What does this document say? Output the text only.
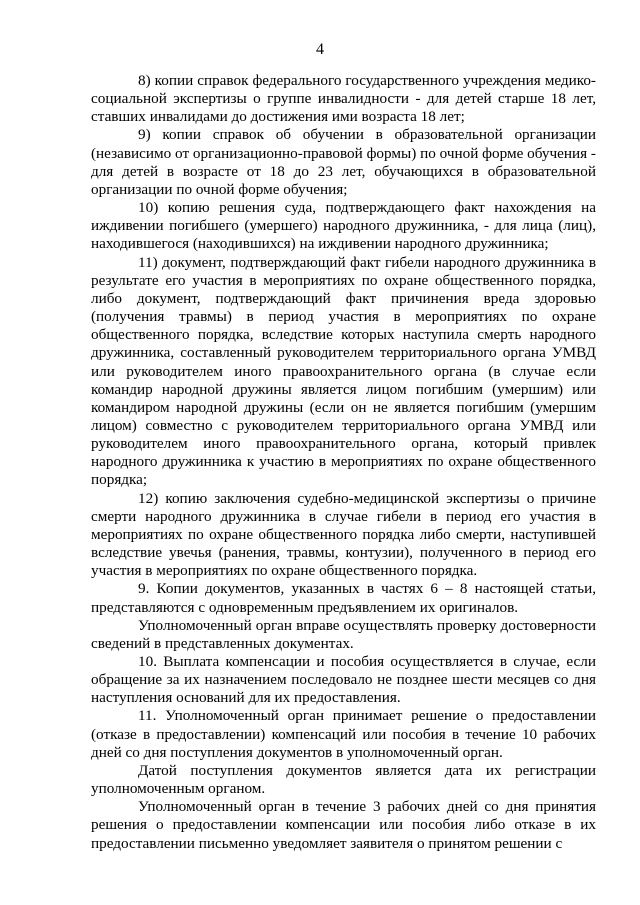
4

8) копии справок федерального государственного учреждения медико-социальной экспертизы о группе инвалидности - для детей старше 18 лет, ставших инвалидами до достижения ими возраста 18 лет;

9) копии справок об обучении в образовательной организации (независимо от организационно-правовой формы) по очной форме обучения - для детей в возрасте от 18 до 23 лет, обучающихся в образовательной организации по очной форме обучения;

10) копию решения суда, подтверждающего факт нахождения на иждивении погибшего (умершего) народного дружинника, - для лица (лиц), находившегося (находившихся) на иждивении народного дружинника;

11) документ, подтверждающий факт гибели народного дружинника в результате его участия в мероприятиях по охране общественного порядка, либо документ, подтверждающий факт причинения вреда здоровью (получения травмы) в период участия в мероприятиях по охране общественного порядка, вследствие которых наступила смерть народного дружинника, составленный руководителем территориального органа УМВД или руководителем иного правоохранительного органа (в случае если командир народной дружины является лицом погибшим (умершим) или командиром народной дружины (если он не является погибшим (умершим лицом) совместно с руководителем территориального органа УМВД или руководителем иного правоохранительного органа, который привлек народного дружинника к участию в мероприятиях по охране общественного порядка;

12) копию заключения судебно-медицинской экспертизы о причине смерти народного дружинника в случае гибели в период его участия в мероприятиях по охране общественного порядка либо смерти, наступившей вследствие увечья (ранения, травмы, контузии), полученного в период его участия в мероприятиях по охране общественного порядка.

9. Копии документов, указанных в частях 6 – 8 настоящей статьи, представляются с одновременным предъявлением их оригиналов.

Уполномоченный орган вправе осуществлять проверку достоверности сведений в представленных документах.

10. Выплата компенсации и пособия осуществляется в случае, если обращение за их назначением последовало не позднее шести месяцев со дня наступления оснований для их предоставления.

11. Уполномоченный орган принимает решение о предоставлении (отказе в предоставлении) компенсаций или пособия в течение 10 рабочих дней со дня поступления документов в уполномоченный орган.

Датой поступления документов является дата их регистрации уполномоченным органом.

Уполномоченный орган в течение 3 рабочих дней со дня принятия решения о предоставлении компенсации или пособия либо отказе в их предоставлении письменно уведомляет заявителя о принятом решении с
